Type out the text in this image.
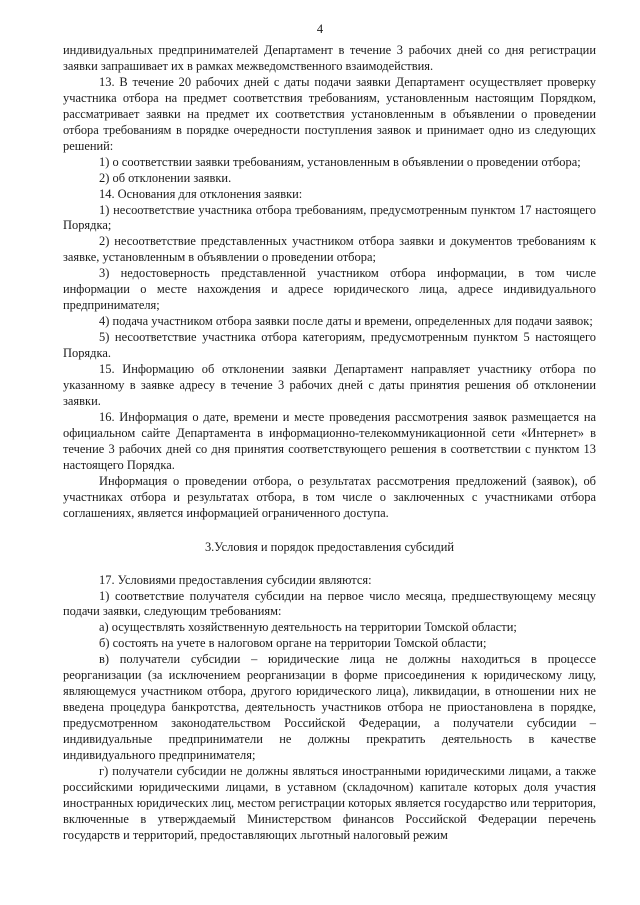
4

индивидуальных предпринимателей Департамент в течение 3 рабочих дней со дня регистрации заявки запрашивает их в рамках межведомственного взаимодействия.

13. В течение 20 рабочих дней с даты подачи заявки Департамент осуществляет проверку участника отбора на предмет соответствия требованиям, установленным настоящим Порядком, рассматривает заявки на предмет их соответствия установленным в объявлении о проведении отбора требованиям в порядке очередности поступления заявок и принимает одно из следующих решений:

1) о соответствии заявки требованиям, установленным в объявлении о проведении отбора;

2) об отклонении заявки.

14. Основания для отклонения заявки:

1) несоответствие участника отбора требованиям, предусмотренным пунктом 17 настоящего Порядка;

2) несоответствие представленных участником отбора заявки и документов требованиям к заявке, установленным в объявлении о проведении отбора;

3) недостоверность представленной участником отбора информации, в том числе информации о месте нахождения и адресе юридического лица, адресе индивидуального предпринимателя;

4) подача участником отбора заявки после даты и времени, определенных для подачи заявок;

5) несоответствие участника отбора категориям, предусмотренным пунктом 5 настоящего Порядка.

15. Информацию об отклонении заявки Департамент направляет участнику отбора по указанному в заявке адресу в течение 3 рабочих дней с даты принятия решения об отклонении заявки.

16. Информация о дате, времени и месте проведения рассмотрения заявок размещается на официальном сайте Департамента в информационно-телекоммуникационной сети «Интернет» в течение 3 рабочих дней со дня принятия соответствующего решения в соответствии с пунктом 13 настоящего Порядка.

Информация о проведении отбора, о результатах рассмотрения предложений (заявок), об участниках отбора и результатах отбора, в том числе о заключенных с участниками отбора соглашениях, является информацией ограниченного доступа.

3.Условия и порядок предоставления субсидий

17. Условиями предоставления субсидии являются:

1) соответствие получателя субсидии на первое число месяца, предшествующему месяцу подачи заявки, следующим требованиям:

а) осуществлять хозяйственную деятельность на территории Томской области;

б) состоять на учете в налоговом органе на территории Томской области;

в) получатели субсидии – юридические лица не должны находиться в процессе реорганизации (за исключением реорганизации в форме присоединения к юридическому лицу, являющемуся участником отбора, другого юридического лица), ликвидации, в отношении них не введена процедура банкротства, деятельность участников отбора не приостановлена в порядке, предусмотренном законодательством Российской Федерации, а получатели субсидии – индивидуальные предприниматели не должны прекратить деятельность в качестве индивидуального предпринимателя;

г) получатели субсидии не должны являться иностранными юридическими лицами, а также российскими юридическими лицами, в уставном (складочном) капитале которых доля участия иностранных юридических лиц, местом регистрации которых является государство или территория, включенные в утверждаемый Министерством финансов Российской Федерации перечень государств и территорий, предоставляющих льготный налоговый режим
